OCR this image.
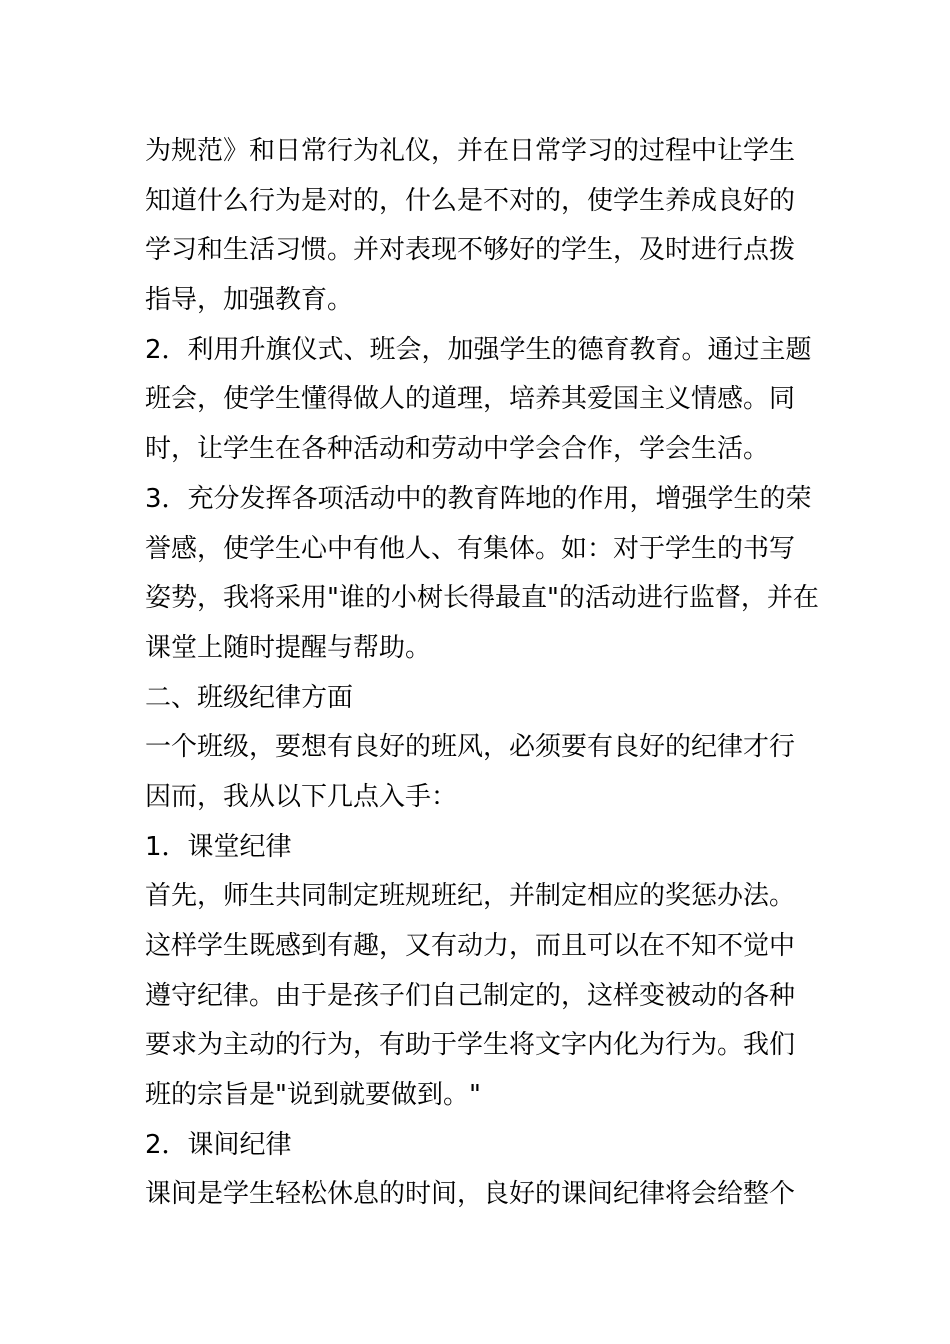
为规范》和日常行为礼仪，并在日常学习的过程中让学生
知道什么行为是对的，什么是不对的，使学生养成良好的
学习和生活习惯。并对表现不够好的学生，及时进行点拨
指导，加强教育。
2．利用升旗仪式、班会，加强学生的德育教育。通过主题
班会，使学生懂得做人的道理，培养其爱国主义情感。同
时，让学生在各种活动和劳动中学会合作，学会生活。
3．充分发挥各项活动中的教育阵地的作用，增强学生的荣
誉感，使学生心中有他人、有集体。如：对于学生的书写
姿势，我将采用"谁的小树长得最直"的活动进行监督，并在
课堂上随时提醒与帮助。
二、班级纪律方面
一个班级，要想有良好的班风，必须要有良好的纪律才行
因而，我从以下几点入手：
1．课堂纪律
首先，师生共同制定班规班纪，并制定相应的奖惩办法。
这样学生既感到有趣，又有动力，而且可以在不知不觉中
遵守纪律。由于是孩子们自己制定的，这样变被动的各种
要求为主动的行为，有助于学生将文字内化为行为。我们
班的宗旨是"说到就要做到。"
2．课间纪律
课间是学生轻松休息的时间，良好的课间纪律将会给整个
